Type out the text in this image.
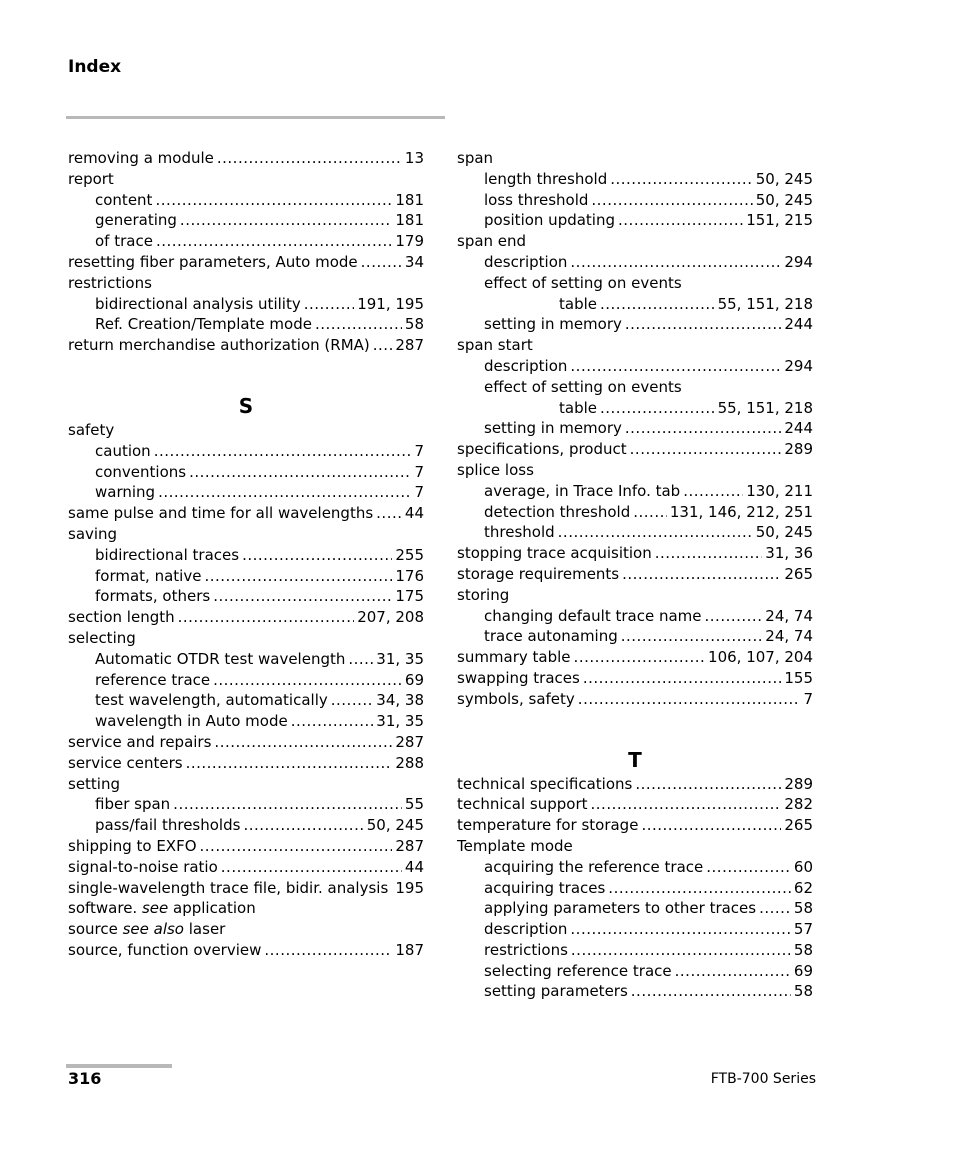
Index
removing a module .....	13
report
content .....	181
generating .....	181
of trace .....	179
resetting fiber parameters, Auto mode .....	34
restrictions
bidirectional analysis utility .....	191, 195
Ref. Creation/Template mode .....	58
return merchandise authorization (RMA) ..... 287
S
safety
caution .....	7
conventions .....	7
warning .....	7
same pulse and time for all wavelengths ..... 44
saving
bidirectional traces .....	255
format, native .....	176
formats, others .....	175
section length .....	207, 208
selecting
Automatic OTDR test wavelength ..... 31, 35
reference trace .....	69
test wavelength, automatically .....	34, 38
wavelength in Auto mode .....	31, 35
service and repairs .....	287
service centers .....	288
setting
fiber span .....	55
pass/fail thresholds .....	50, 245
shipping to EXFO .....	287
signal-to-noise ratio .....	44
single-wavelength trace file, bidir. analysis 195
software. see application
source see also laser
source, function overview .....	187
span
length threshold .....	50, 245
loss threshold .....	50, 245
position updating .....	151, 215
span end
description .....	294
effect of setting on events
table .....	55, 151, 218
setting in memory .....	244
span start
description .....	294
effect of setting on events
table .....	55, 151, 218
setting in memory .....	244
specifications, product .....	289
splice loss
average, in Trace Info. tab .....	130, 211
detection threshold .....	131, 146, 212, 251
threshold .....	50, 245
stopping trace acquisition .....	31, 36
storage requirements .....	265
storing
changing default trace name .....	24, 74
trace autonaming .....	24, 74
summary table .....	106, 107, 204
swapping traces .....	155
symbols, safety .....	7
T
technical specifications .....	289
technical support .....	282
temperature for storage .....	265
Template mode
acquiring the reference trace .....	60
acquiring traces .....	62
applying parameters to other traces .....	58
description .....	57
restrictions .....	58
selecting reference trace .....	69
setting parameters .....	58
316	FTB-700 Series
